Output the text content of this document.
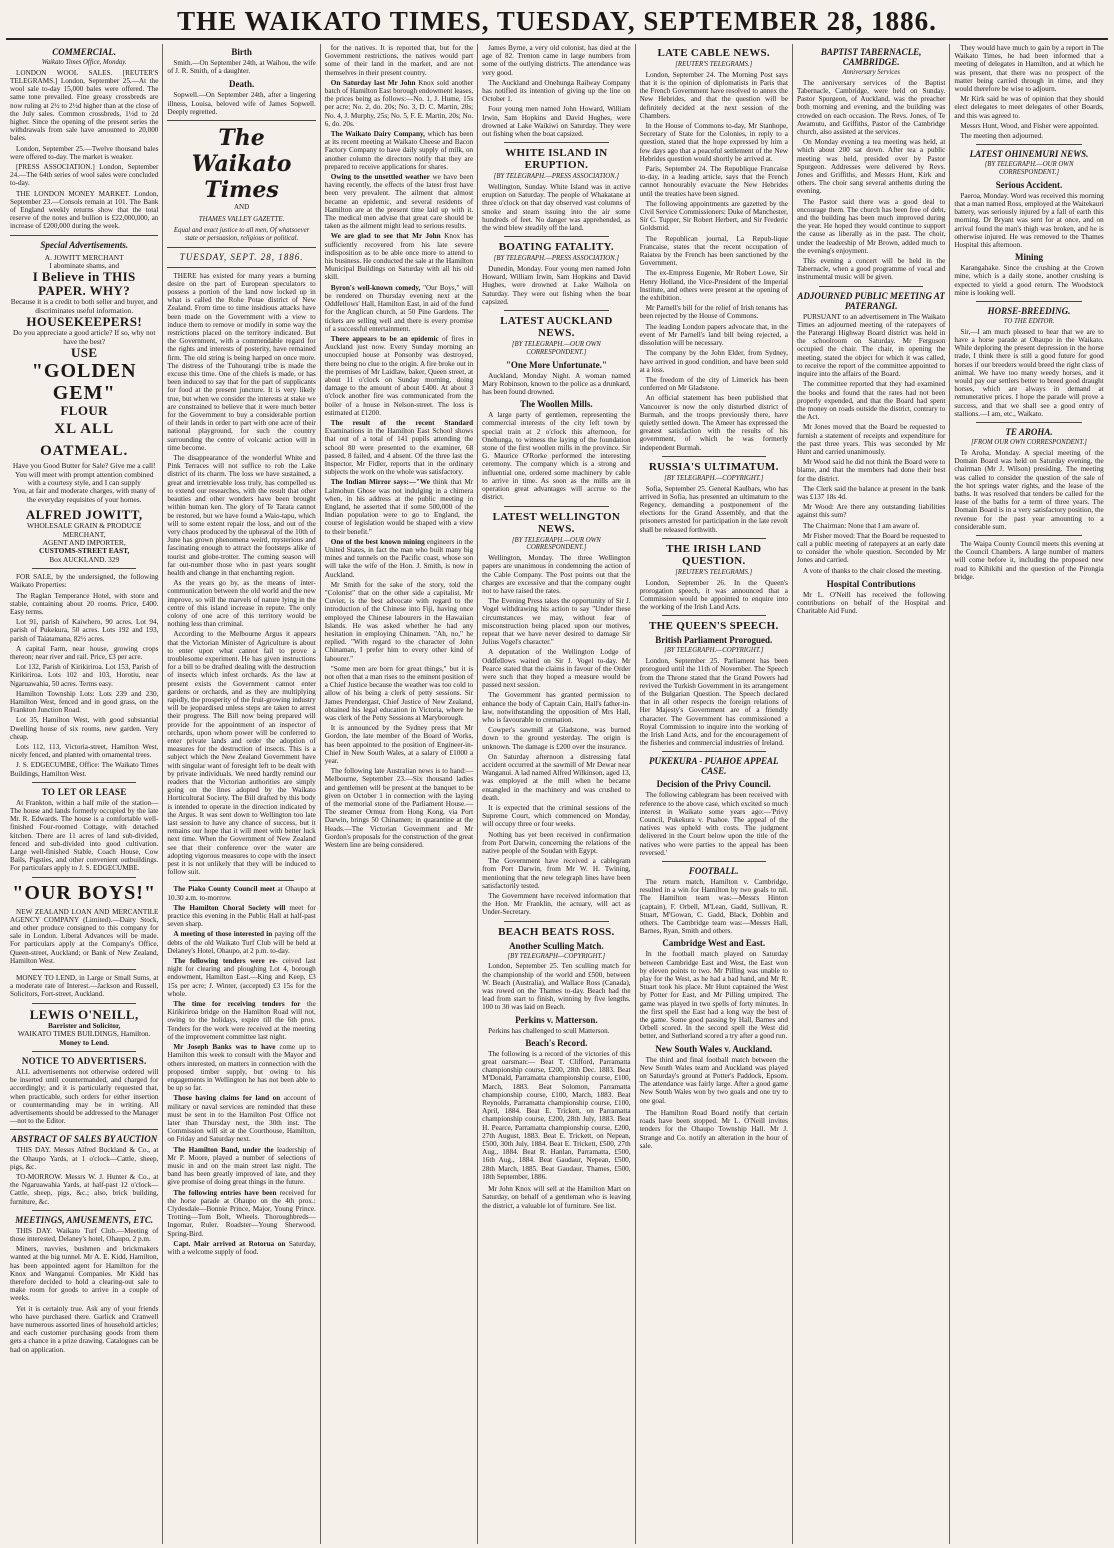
THE WAIKATO TIMES, TUESDAY, SEPTEMBER 28, 1886.
COMMERCIAL.
Waikato Times Office, Monday.
LONDON WOOL SALES. [REUTER'S TELEGRAMS.] London, September 25.—At the wool sale to-day 15,000 bales were offered. The same tone prevailed. Fine greasy crossbreds are now ruling at 2½ to 2½d higher than at the close of the July sales. Common crossbreds, 1½d to 2d higher. Since the opening of the present series the withdrawals from sale have amounted to 20,000 bales.
London, September 25.—Twelve thousand bales were offered to-day. The market is weaker.
[PRESS ASSOCIATION.] London, September 24.—The 64th series of wool sales were concluded to-day.
THE LONDON MONEY MARKET. London, September 23.—Consols remain at 101. The Bank of England weekly returns show that the total reserve of the notes and bullion is £22,000,000, an increase of £200,000 during the week.
Special Advertisements.
A. JOWITT MERCHANT
I abominate shams, and
I Believe in THIS PAPER. WHY?
Because it is a credit to both seller and buyer, and discriminates useful information.
HOUSEKEEPERS!
Do you appreciate a good article? If so, why not have the best?
USE
"GOLDEN GEM"
FLOUR
XL ALL OATMEAL.
Have you Good Butter for Sale? Give me a call!
You will meet with prompt attention combined with a courtesy style, and I can supply
You, at fair and moderate charges, with many of the everyday requisites of your homes.
ALFRED JOWITT,
WHOLESALE GRAIN & PRODUCE MERCHANT,
AGENT AND IMPORTER,
CUSTOMS-STREET EAST,
Box AUCKLAND. 329
FOR SALE, by the undersigned, the following Waikato Properties:
The Raglan Temperance Hotel, with store and stable, containing about 20 rooms. Price, £400. Easy terms.
Lot 91, parish of Kaiwhero, 90 acres. Lot 94, parish of Pukekura, 50 acres. Lots 192 and 193, parish of Taiatamana, 82½ acres.
A capital Farm, near house, growing crops thereon; near river and rail. Price, £3 per acre.
Lot 132, Parish of Kirikiriroa. Lot 153, Parish of Kirikiriroa. Lots 102 and 103, Horotiu, near Ngaruawahia, 50 acres. Terms easy.
Hamilton Township Lots: Lots 239 and 230, Hamilton West, fenced and in good grass, on the Frankton Junction Road.
Lot 35, Hamilton West, with good substantial Dwelling house of six rooms, new garden. Very cheap.
Lots 112, 113, Victoria-street, Hamilton West, nicely fenced, and planted with ornamental trees.
J. S. EDGECUMBE, Office: The Waikato Times Buildings, Hamilton West.
TO LET OR LEASE
At Frankton, within a half mile of the station—The house and lands formerly occupied by the late Mr. R. Edwards. The house is a comfortable well-finished Four-roomed Cottage, with detached kitchen. There are 11 acres of land sub-divided, fenced and sub-divided into good cultivation. Large well-finished Stable, Coach House, Cow Bails, Pigsties, and other convenient outbuildings. For particulars apply to J. S. EDGECUMBE.
"OUR BOYS!"
NEW ZEALAND LOAN AND MERCANTILE AGENCY COMPANY (Limited).—Dairy Stock, and other produce consigned to this company for sale in London. Liberal Advances will be made. For particulars apply at the Company's Office, Queen-street, Auckland; or Bank of New Zealand, Hamilton West.
MONEY TO LEND, in Large or Small Sums, at a moderate rate of Interest.—Jackson and Russell, Solicitors, Fort-street, Auckland.
LEWIS O'NEILL,
Barrister and Solicitor,
WAIKATO TIMES BUILDINGS, Hamilton.
Money to Lend.
NOTICE TO ADVERTISERS.
ALL advertisements not otherwise ordered will be inserted until countermanded, and charged for accordingly; and it is particularly requested that, when practicable, such orders for either insertion or countermanding may be in writing. All advertisements should be addressed to the Manager—not to the Editor.
ABSTRACT OF SALES BY AUCTION
THIS DAY. Messrs Alfred Buckland & Co., at the Ohaupo Yards, at 1 o'clock—Cattle, sheep, pigs, &c.
TO-MORROW. Messrs W. J. Hunter & Co., at the Ngaruawahia Yards, at half-past 12 o'clock—Cattle, sheep, pigs, &c.; also, brick building, furniture, &c.
MEETINGS, AMUSEMENTS, ETC.
THIS DAY. Waikato Turf Club.—Meeting of those interested, Delaney's hotel, Ohaupo, 2 p.m.
Miners, navvies, bushmen and brickmakers wanted at the big tunnel. Mr A. E. Kidd, Hamilton, has been appointed agent for Hamilton for the Knox and Wanganui Companies. Mr Kidd has therefore decided to hold a clearing-out sale to make room for goods to arrive in a couple of weeks.
Yet it is certainly true. Ask any of your friends who have purchased there. Garlick and Cranwell have numerous assorted lines of household articles; and each customer purchasing goods from them gets a chance in a prize drawing. Catalogues can be had on application.
Birth
Smith.—On September 24th, at Waihou, the wife of J. R. Smith, of a daughter.
Death.
Sopwell.—On September 24th, after a lingering illness, Louisa, beloved wife of James Sopwell. Deeply regretted.
The Waikato Times
AND
THAMES VALLEY GAZETTE.
Equal and exact justice to all men, Of whatsoever state or persuasion, religious or political.
TUESDAY, SEPT. 28, 1886.
THERE has existed for many years a burning desire on the part of European speculators to possess a portion of the land now locked up in what is called the Rohe Potae district of New Zealand. From time to time insidious attacks have been made on the Government with a view to induce them to remove or modify in some way the restrictions placed on the territory indicated. But the Government, with a commendable regard for the rights and interests of posterity, have remained firm. The old string is being harped on once more. The distress of the Tuhourangi tribe is made the excuse this time. One of the chiefs is made, or has been induced to say that for the part of supplicants for food at the present juncture. It is very likely true, but when we consider the interests at stake we are constrained to believe that it were much better for the Government to buy a considerable portion of their lands in order to part with one acre of their national playground, for such the country surrounding the centre of volcanic action will in time become.
The disappearance of the wonderful White and Pink Terraces will not suffice to rob the Lake district of its charm. The loss we have sustained, a great and irretrievable loss truly, has compelled us to extend our researches, with the result that other beauties and other wonders have been brought within human ken. The glory of Te Tarata cannot be restored, but we have found a Waio-tapu, which will to some extent repair the loss, and out of the very chaos produced by the upheaval of the 10th of June has grown phenomena weird, mysterious and fascinating enough to attract the footsteps alike of tourist and globe-trotter. The coming season will far out-number those who in past years sought health and change in that enchanting region.
As the years go by, as the means of inter-communication between the old world and the new improve, so will the marvels of nature lying in the centre of this island increase in repute. The only colony of one acre of this territory would be nothing less than criminal.
According to the Melbourne Argus it appears that the Victorian Minister of Agriculture is about to enter upon what cannot fail to prove a troublesome experiment. He has given instructions for a bill to be drafted dealing with the destruction of insects which infest orchards. As the law at present exists the Government cannot enter gardens or orchards, and as they are multiplying rapidly, the prosperity of the fruit-growing industry will be jeopardised unless steps are taken to arrest their progress. The Bill now being prepared will provide for the appointment of an inspector of orchards, upon whom power will be conferred to enter private lands and order the adoption of measures for the destruction of insects. This is a subject which the New Zealand Government have with singular want of foresight left to be dealt with by private individuals. We need hardly remind our readers that the Victorian authorities are simply going on the lines adopted by the Waikato Horticultural Society. The Bill drafted by this body is intended to operate in the direction indicated by the Argus. It was sent down to Wellington too late last session to have any chance of success, but it remains our hope that it will meet with better luck next time. When the Government of New Zealand see that their conference over the water are adopting vigorous measures to cope with the insect pest it is not unlikely that they will be induced to follow suit.
The Piako County Council meet at Ohaupo at 10.30 a.m. to-morrow.
The Hamilton Choral Society will meet for practice this evening in the Public Hall at half-past seven sharp.
A meeting of those interested in paying off the debts of the old Waikato Turf Club will be held at Delaney's Hotel, Ohaupo, at 2 p.m. to-day.
The following tenders were re- ceived last night for clearing and ploughing Lot 4, borough endowment, Hamilton East.—King and Keep, £3 15s per acre; J. Winter, (accepted) £3 15s for the whole.
The time for receiving tenders for the Kirikiriroa bridge on the Hamilton Road will not, owing to the holidays, expire till the 6th prox. Tenders for the work were received at the meeting of the improvement committee last night.
Mr Joseph Banks was to have come up to Hamilton this week to consult with the Mayor and others interested, on matters in connection with the proposed timber supply, but owing to his engagements in Wellington he has not been able to be up so far.
Those having claims for land on account of military or naval services are reminded that these must be sent in to the Hamilton Post Office not later than Thursday next, the 30th inst. The Commission will sit at the Courthouse, Hamilton, on Friday and Saturday next.
The Hamilton Band, under the leadership of Mr P. Moore, played a number of selections of music in and on the main street last night. The band has been greatly improved of late, and they give promise of doing great things in the future.
The following entries have been received for the horse parade at Ohaupo on the 4th prox.: Clydesdale—Bonnie Prince, Major, Young Prince. Trotting—Tom Bolt, Wheels. Thoroughbreds—Ingomar, Ruler. Roadster—Young Sherwood. Spring-Bird.
Capt. Mair arrived at Rotorua on Saturday, with a welcome supply of food.
for the natives. It is reported that, but for the Government restrictions, the natives would part some of their land in the market, and are not themselves in their present country.
On Saturday last Mr John Knox sold another batch of Hamilton East borough endowment leases, the prices being as follows:—No. 1, J. Hume, 15s per acre; No. 2, do. 20s; No. 3, D. C. Martin, 20s; No. 4, J. Murphy, 25s; No. 5, F. E. Martin, 20s; No. 6, do. 20s.
The Waikato Dairy Company, which has been at its recent meeting at Waikato Cheese and Bacon Factory Company to have daily supply of milk, on another column the directors notify that they are prepared to receive applications for shares.
Owing to the unsettled weather we have been having recently, the effects of the latest frost have been very prevalent. The ailment that almost became an epidemic, and several residents of Hamilton are at the present time laid up with it. The medical men advise that great care should be taken as the ailment might lead to serious results.
We are glad to see that Mr John Knox has sufficiently recovered from his late severe indisposition as to be able once more to attend to his business. He conducted the sale at the Hamilton Municipal Buildings on Saturday with all his old skill.
Byron's well-known comedy, "Our Boys," will be rendered on Thursday evening next at the Oddfellows' Hall, Hamilton East, in aid of the fund for the Anglican church, at 50 Pine Gardens. The tickets are selling well and there is every promise of a successful entertainment.
There appears to be an epidemic of fires in Auckland just now. Every Sunday morning an unoccupied house at Ponsonby was destroyed, there being no clue to the origin. A fire broke out in the premises of Mr Laidlaw, baker, Queen street, at about 11 o'clock on Sunday morning, doing damage to the amount of about £400. At about 3 o'clock another fire was communicated from the boiler of a house in Nelson-street. The loss is estimated at £1200.
The result of the recent Standard Examinations in the Hamilton East School shows that out of a total of 141 pupils attending the school 80 were presented to the examiner, 68 passed, 8 failed, and 4 absent. Of the three last the Inspector, Mr Fidler, reports that in the ordinary subjects the work on the whole was satisfactory.
The Indian Mirror says:—"We think that Mr Lalmohun Ghose was not indulging in a chimera when, in his address at the public meeting in England, he asserted that if some 500,000 of the Indian population were to go to England, the course of legislation would be shaped with a view to their benefit."
One of the best known mining engineers in the United States, in fact the man who built many big mines and tunnels on the Pacific coast, whose son will take the wife of the Hon. J. Smith, is now in Auckland.
Mr Smith for the sake of the story, told the "Colonist" that on the other side a capitalist, Mr Cuvier, is the best advocate with regard to the introduction of the Chinese into Fiji, having once employed the Chinese labourers in the Hawaiian Islands. He was asked whether he had any hesitation in employing Chinamen. "Ah, no," he replied. "With regard to the character of John Chinaman, I prefer him to every other kind of labourer."
"Some men are born for great things," but it is not often that a man rises to the eminent position of a Chief Justice because the weather was too cold to allow of his being a clerk of petty sessions. Sir James Prendergast, Chief Justice of New Zealand, obtained his legal education in Victoria, where he was clerk of the Petty Sessions at Maryborough.
It is announced by the Sydney press that Mr Gordon, the late member of the Board of Works, has been appointed to the position of Engineer-in-Chief in New South Wales, at a salary of £1000 a year.
The following late Australian news is to hand:—Melbourne, September 23.—Six thousand ladies and gentlemen will be present at the banquet to be given on October 1 in connection with the laying of the memorial stone of the Parliament House.—The steamer Ormuz from Hong Kong, via Port Darwin, brings 50 Chinamen; in quarantine at the Heads.—The Victorian Government and Mr Gordon's proposals for the construction of the great Western line are being considered.
James Byrne, a very old colonist, has died at the age of 82. Trenton came in large numbers from some of the outlying districts. The attendance was very good.
The Auckland and Onehunga Railway Company has notified its intention of giving up the line on October 1.
Four young men named John Howard, William Irwin, Sam Hopkins and David Hughes, were drowned at Lake Waikiwi on Saturday. They were out fishing when the boat capsized.
WHITE ISLAND IN ERUPTION.
[BY TELEGRAPH.—PRESS ASSOCIATION.]
Wellington, Sunday. White Island was in active eruption on Saturday. The people of Whakatane at three o'clock on that day observed vast columns of smoke and steam issuing into the air some hundreds of feet. No danger was apprehended, as the wind blew steadily off the land.
BOATING FATALITY.
[BY TELEGRAPH.—PRESS ASSOCIATION.]
Dunedin, Monday. Four young men named John Howard, William Irwin, Sam Hopkins and David Hughes, were drowned at Lake Waihola on Saturday. They were out fishing when the boat capsized.
LATEST AUCKLAND NEWS.
[BY TELEGRAPH.—OUR OWN CORRESPONDENT.]
"One More Unfortunate."
Auckland, Monday Night. A woman named Mary Robinson, known to the police as a drunkard, has been found drowned.
The Woollen Mills.
A large party of gentlemen, representing the commercial interests of the city left town by special train at 2 o'clock this afternoon, for Onehunga, to witness the laying of the foundation stone of the first woollen mills in the province. Sir G. Maurice O'Rorke performed the interesting ceremony. The company which is a strong and influential one, ordered some machinery by cable to arrive in time. As soon as the mills are in operation great advantages will accrue to the district.
LATEST WELLINGTON NEWS.
[BY TELEGRAPH.—OUR OWN CORRESPONDENT.]
Wellington, Monday. The three Wellington papers are unanimous in condemning the action of the Cable Company. The Post points out that the charges are excessive and that the company ought not to have raised the rates.
The Evening Press takes the opportunity of Sir J. Vogel withdrawing his action to say "Under these circumstances we may, without fear of misconstruction being placed upon our motives, repeat that we have never desired to damage Sir Julius Vogel's character."
A deputation of the Wellington Lodge of Oddfellows waited on Sir J. Vogel to-day. Mr Pearce stated that the claims in favour of the Order were such that they hoped a measure would be passed next session.
The Government has granted permission to enhance the body of Captain Cain, Hall's father-in-law, notwithstanding the opposition of Mrs Hall, who is favourable to cremation.
Cowper's sawmill at Gladstone, was burned down to the ground yesterday. The origin is unknown. The damage is £200 over the insurance.
On Saturday afternoon a distressing fatal accident occurred at the sawmill of Mr Dewar near Wanganui. A lad named Alfred Wilkinson, aged 13, was employed at the mill when he became entangled in the machinery and was crushed to death.
It is expected that the criminal sessions of the Supreme Court, which commenced on Monday, will occupy three or four weeks.
Nothing has yet been received in confirmation from Port Darwin, concerning the relations of the native people of the Soudan with Egypt.
The Government have received a cablegram from Port Darwin, from Mr W. H. Twining, mentioning that the new telegraph lines have been satisfactorily tested.
The Government have received information that the Hon. Mr Franklin, the actuary, will act as Under-Secretary.
BEACH BEATS ROSS.
Another Sculling Match.
[BY TELEGRAPH—COPYRIGHT.]
London, September 25. Ten sculling match for the championship of the world and £500, between W. Beach (Australia), and Wallace Ross (Canada), was rowed on the Thames to-day. Beach had the lead from start to finish, winning by five lengths. 100 to 30 was laid on Beach.
Perkins v. Matterson.
Perkins has challenged to scull Matterson.
Beach's Record.
The following is a record of the victories of this great oarsman:— Beat T. Clifford, Parramatta championship course, £200, 28th Dec. 1883. Beat M'Donald, Parramatta championship course, £100, March, 1883. Beat Solomon, Parramatta championship course, £100, March, 1883. Beat Reynolds, Parramatta championship course, £100, April, 1884. Beat E. Trickett, on Parramatta championship course, £200, 28th July, 1883. Beat H. Pearce, Parramatta championship course, £200, 27th August, 1883. Beat E. Trickett, on Nepean, £500, 30th July, 1884. Beat E. Trickett, £500, 27th Aug., 1884. Beat R. Hanlan, Parramatta, £500, 16th Aug., 1884. Beat Gaudaur, Nepean, £500, 28th March, 1885. Beat Gaudaur, Thames, £500, 18th September, 1886.
Mr John Knox will sell at the Hamilton Mart on Saturday, on behalf of a gentleman who is leaving the district, a valuable lot of furniture. See list.
LATE CABLE NEWS.
[REUTER'S TELEGRAMS.]
London, September 24. The Morning Post says that it is the opinion of diplomatists in Paris that the French Government have resolved to annex the New Hebrides, and that the question will be definitely decided at the next session of the Chambers.
In the House of Commons to-day, Mr Stanhope, Secretary of State for the Colonies, in reply to a question, stated that the hope expressed by him a few days ago that a peaceful settlement of the New Hebrides question would shortly be arrived at.
Paris, September 24. The Republique Francaise to-day, in a leading article, says that the French cannot honourably evacuate the New Hebrides until the treaties have been signed.
The following appointments are gazetted by the Civil Service Commissioners: Duke of Manchester, Sir C. Tupper, Sir Robert Herbert, and Sir Frederic Goldsmid.
The Republican journal, La Repub-lique Francaise, states that the recent occupation of Raiatea by the French has been sanctioned by the Government.
The ex-Empress Eugenie, Mr Robert Lowe, Sir Henry Holland, the Vice-President of the Imperial Institute, and others were present at the opening of the exhibition.
Mr Parnell's bill for the relief of Irish tenants has been rejected by the House of Commons.
The leading London papers advocate that, in the event of Mr Parnell's land bill being rejected, a dissolution will be necessary.
The company by the John Elder, from Sydney, have arrived in good condition, and have been sold at a loss.
The freedom of the city of Limerick has been conferred on Mr Gladstone.
An official statement has been published that Vancouver is now the only disturbed district of Burmah, and the troops previously there, have quietly settled down. The Ameer has expressed the greatest satisfaction with the results of his government, of which he was formerly independent Burmah.
RUSSIA'S ULTIMATUM.
[BY TELEGRAPH.—COPYRIGHT.]
Sofia, September 25. General Kaulbars, who has arrived in Sofia, has presented an ultimatum to the Regency, demanding a postponement of the elections for the Grand Assembly, and that the prisoners arrested for participation in the late revolt shall be released forthwith.
THE IRISH LAND QUESTION.
[REUTER'S TELEGRAMS.]
London, September 26. In the Queen's prorogation speech, it was announced that a Commission would be appointed to enquire into the working of the Irish Land Acts.
THE QUEEN'S SPEECH.
British Parliament Prorogued.
[BY TELEGRAPH.—COPYRIGHT.]
London, September 25. Parliament has been prorogued until the 11th of November. The Speech from the Throne stated that the Grand Powers had revived the Turkish Government in its arrangement of the Bulgarian Question. The Speech declared that in all other respects the foreign relations of Her Majesty's Government are of a friendly character. The Government has commissioned a Royal Commission to inquire into the working of the Irish Land Acts, and for the encouragement of the fisheries and commercial industries of Ireland.
PUKEKURA - PUAHOE APPEAL CASE.
Decision of the Privy Council.
The following cablegram has been received with reference to the above case, which excited so much interest in Waikato some years ago:—'Privy Council, Pukekura v. Puahoe. The appeal of the natives was upheld with costs. The judgment delivered in the Court below upon the title of the natives who were parties to the appeal has been reversed.'
FOOTBALL.
The return match, Hamilton v. Cambridge, resulted in a win for Hamilton by two goals to nil. The Hamilton team was:—Messrs Hinton (captain), F. Orbell, M'Lean, Gadd, Sullivan, R. Stuart, M'Gowan, C. Gadd, Black, Dobbin and others. The Cambridge team was:—Messrs Hall, Barnes, Ryan, Smith and others.
Cambridge West and East.
In the football match played on Saturday between Cambridge East and West, the East won by eleven points to two. Mr Pilling was unable to play for the West, as he had a bad hand, and Mr R. Stuart took his place. Mr Hunt captained the West by Potter for East, and Mr Pilling umpired. The game was played in two spells of forty minutes. In the first spell the East had a long way the best of the game. Some good passing by Hall, Barnes and Orbell scored. In the second spell the West did better, and Sutherland scored a try after a good run.
New South Wales v. Auckland.
The third and final football match between the New South Wales team and Auckland was played on Saturday's ground at Potter's Paddock, Epsom. The attendance was fairly large. After a good game New South Wales won by two goals and one try to one goal.
The Hamilton Road Board notify that certain roads have been stopped. Mr L. O'Neill invites tenders for the Ohaupo Township Hall. Mr J. Strange and Co. notify an alteration in the hour of sale.
BAPTIST TABERNACLE, CAMBRIDGE.
Anniversary Services
The anniversary services of the Baptist Tabernacle, Cambridge, were held on Sunday. Pastor Spurgeon, of Auckland, was the preacher both morning and evening, and the building was crowded on each occasion. The Revs. Jones, of Te Awamutu, and Griffiths, Pastor of the Cambridge church, also assisted at the services.
On Monday evening a tea meeting was held, at which about 200 sat down. After tea a public meeting was held, presided over by Pastor Spurgeon. Addresses were delivered by Revs. Jones and Griffiths, and Messrs Hunt, Kirk and others. The choir sang several anthems during the evening.
The Pastor said there was a good deal to encourage them. The church has been free of debt, and the building has been much improved during the year. He hoped they would continue to support the cause as liberally as in the past. The choir, under the leadership of Mr Brown, added much to the evening's enjoyment.
This evening a concert will be held in the Tabernacle, when a good programme of vocal and instrumental music will be given.
ADJOURNED PUBLIC MEETING AT PATERANGI.
PURSUANT to an advertisement in The Waikato Times an adjourned meeting of the ratepayers of the Paterangi Highway Board district was held in the schoolroom on Saturday. Mr Ferguson occupied the chair. The chair, in opening the meeting, stated the object for which it was called, to receive the report of the committee appointed to inquire into the affairs of the Board.
The committee reported that they had examined the books and found that the rates had not been properly expended, and that the Board had spent the money on roads outside the district, contrary to the Act.
Mr Jones moved that the Board be requested to furnish a statement of receipts and expenditure for the past three years. This was seconded by Mr Hunt and carried unanimously.
Mr Wood said he did not think the Board were to blame, and that the members had done their best for the district.
The Clerk said the balance at present in the bank was £137 18s 4d.
Mr Wood: Are there any outstanding liabilities against this sum?
The Chairman: None that I am aware of.
Mr Fisher moved: That the Board be requested to call a public meeting of ratepayers at an early date to consider the whole question. Seconded by Mr Jones and carried.
A vote of thanks to the chair closed the meeting.
Hospital Contributions
Mr L. O'Neill has received the following contributions on behalf of the Hospital and Charitable Aid Fund.
They would have much to gain by a report in The Waikato Times, he had been informed that a meeting of delegates in Hamilton, and at which he was present, that there was no prospect of the matter being carried through in time, and they would therefore be wise to adjourn.
Mr Kirk said he was of opinion that they should elect delegates to meet delegates of other Boards, and this was agreed to.
Messrs Hunt, Wood, and Fisher were appointed.
The meeting then adjourned.
LATEST OHINEMURI NEWS.
[BY TELEGRAPH.—OUR OWN CORRESPONDENT.]
Serious Accident.
Paeroa, Monday. Word was received this morning that a man named Ross, employed at the Waitekauri battery, was seriously injured by a fall of earth this morning. Dr Bryant was sent for at once, and on arrival found the man's thigh was broken, and he is otherwise injured. He was removed to the Thames Hospital this afternoon.
Mining
Karangahake. Since the crushing at the Crown mine, which is a daily stone, another crushing is expected to yield a good return. The Woodstock mine is looking well.
HORSE-BREEDING.
TO THE EDITOR.
Sir,—I am much pleased to hear that we are to have a horse parade at Ohaupo in the Waikato. While deploring the present depression in the horse trade, I think there is still a good future for good horses if our breeders would breed the right class of animal. We have too many weedy horses, and it would pay our settlers better to breed good draught horses, which are always in demand at remunerative prices. I hope the parade will prove a success, and that we shall see a good entry of stallions.—I am, etc., Waikato.
TE AROHA.
[FROM OUR OWN CORRESPONDENT.]
Te Aroha, Monday. A special meeting of the Domain Board was held on Saturday evening, the chairman (Mr J. Wilson) presiding. The meeting was called to consider the question of the sale of the hot springs water rights, and the lease of the baths. It was resolved that tenders be called for the lease of the baths for a term of three years. The Domain Board is in a very satisfactory position, the revenue for the past year amounting to a considerable sum.
The Waipa County Council meets this evening at the Council Chambers. A large number of matters will come before it, including the proposed new road to Kihikihi and the question of the Pirongia bridge.
